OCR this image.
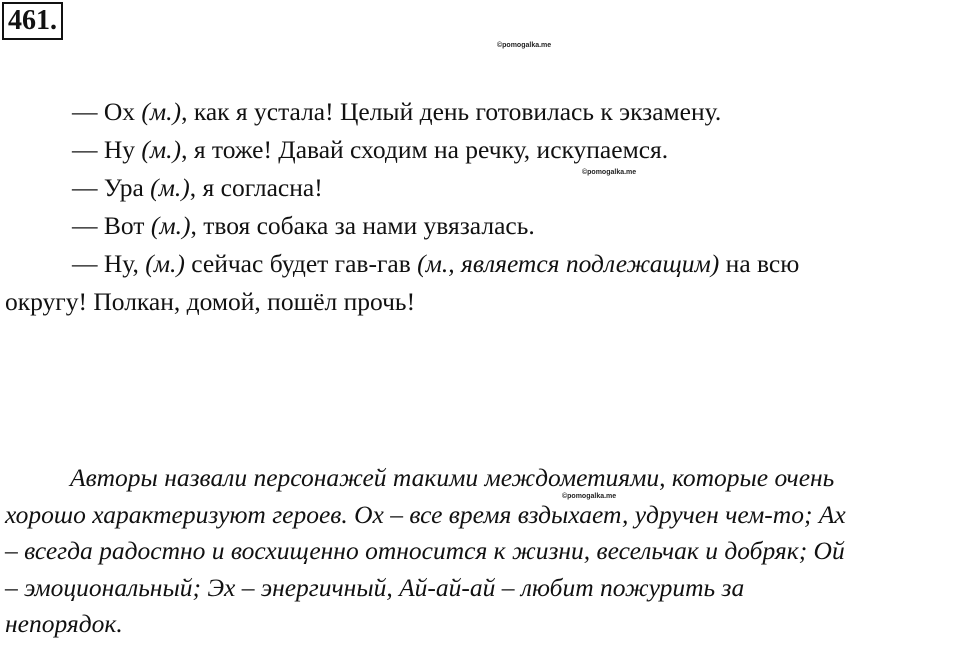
461.
©pomogalka.me
©pomogalka.me
©pomogalka.me
— Ох (м.), как я устала! Целый день готовилась к экзамену.
— Ну (м.), я тоже! Давай сходим на речку, искупаемся.
— Ура (м.), я согласна!
— Вот (м.), твоя собака за нами увязалась.
— Ну, (м.) сейчас будет гав-гав (м., является подлежащим) на всю
округу! Полкан, домой, пошёл прочь!
Авторы назвали персонажей такими междометиями, которые очень
хорошо характеризуют героев. Ох – все время вздыхает, удручен чем-то; Ах
– всегда радостно и восхищенно относится к жизни, весельчак и добряк; Ой
– эмоциональный; Эх – энергичный, Ай-ай-ай – любит пожурить за
непорядок.
